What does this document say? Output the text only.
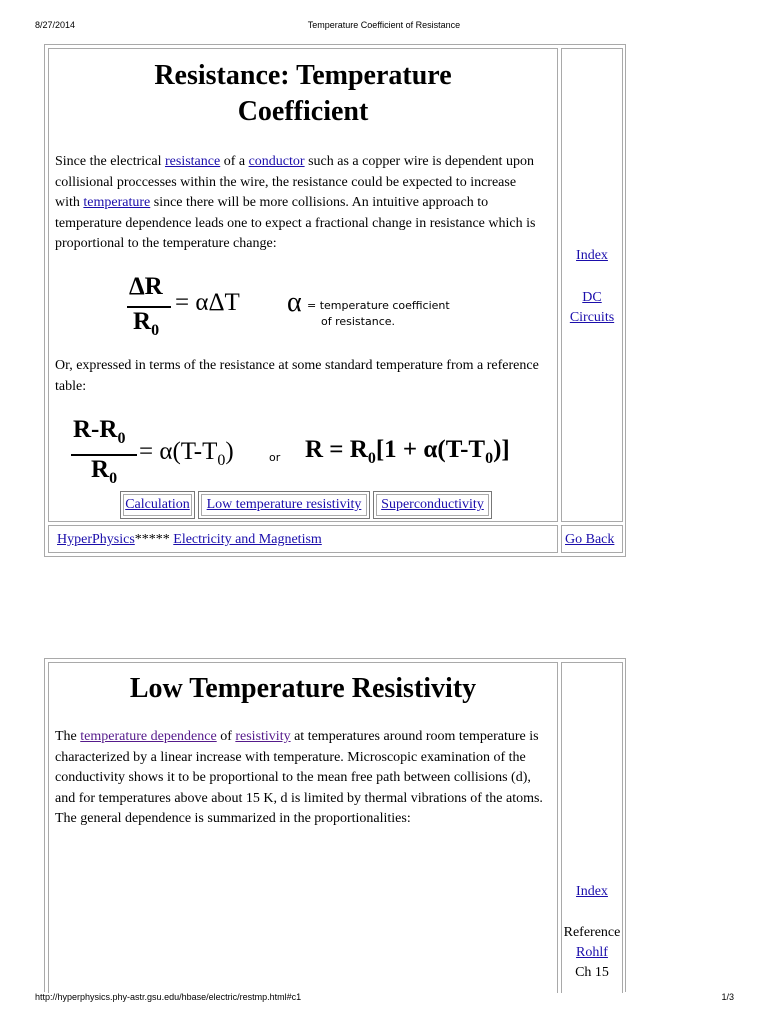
8/27/2014	Temperature Coefficient of Resistance
Resistance: Temperature
Coefficient
Since the electrical resistance of a conductor such as a copper wire is dependent upon collisional proccesses within the wire, the resistance could be expected to increase with temperature since there will be more collisions. An intuitive approach to temperature dependence leads one to expect a fractional change in resistance which is proportional to the temperature change:
ΔR
$R_0$
= αΔT α = temperature coefficient
of resistance.
Or, expressed in terms of the resistance at some standard temperature from a reference table:
$R-R_0$
$R_0$
= $\alpha(T-T_0)$	or $R = R_0[1 + \alpha(T-T_0)]$
Calculation	Low temperature resistivity	Superconductivity
Index
DC
Circuits
HyperPhysics***** Electricity and Magnetism	Go Back
Low Temperature Resistivity
The temperature dependence of resistivity at temperatures around room temperature is characterized by a linear increase with temperature. Microscopic examination of the conductivity shows it to be proportional to the mean free path between collisions (d), and for temperatures above about 15 K, d is limited by thermal vibrations of the atoms. The general dependence is summarized in the proportionalities:
Index
Reference
Rohlf
Ch 15
http://hyperphysics.phy-astr.gsu.edu/hbase/electric/restmp.html#c1	1/3
